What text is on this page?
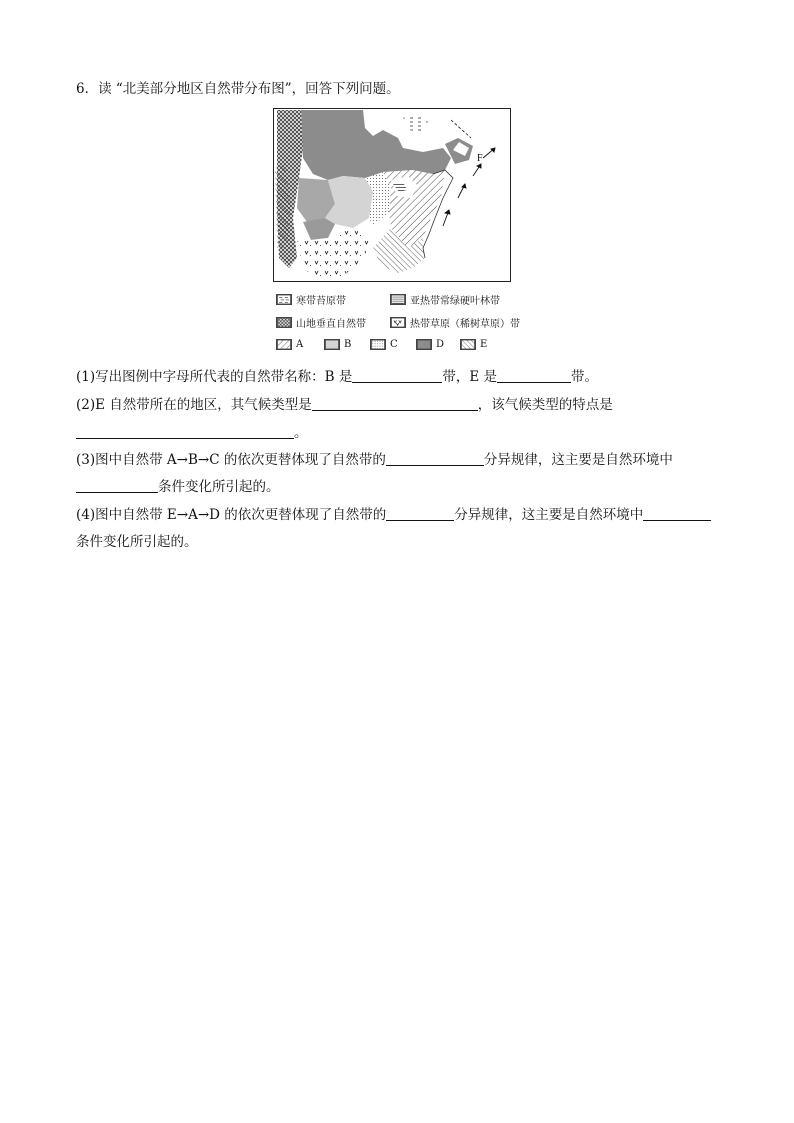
6．读 “北美部分地区自然带分布图”，回答下列问题。
F
寒带苔原带	亚热带常绿硬叶林带
山地垂直自然带	热带草原（稀树草原）带
A	B	C	D	E
(1)写出图例中字母所代表的自然带名称：B 是	带，E 是	带。
(2)E 自然带所在的地区，其气候类型是	，该气候类型的特点是
。
(3)图中自然带 A→B→C 的依次更替体现了自然带的	分异规律，这主要是自然环境中
条件变化所引起的。
(4)图中自然带 E→A→D 的依次更替体现了自然带的	分异规律，这主要是自然环境中
条件变化所引起的。
